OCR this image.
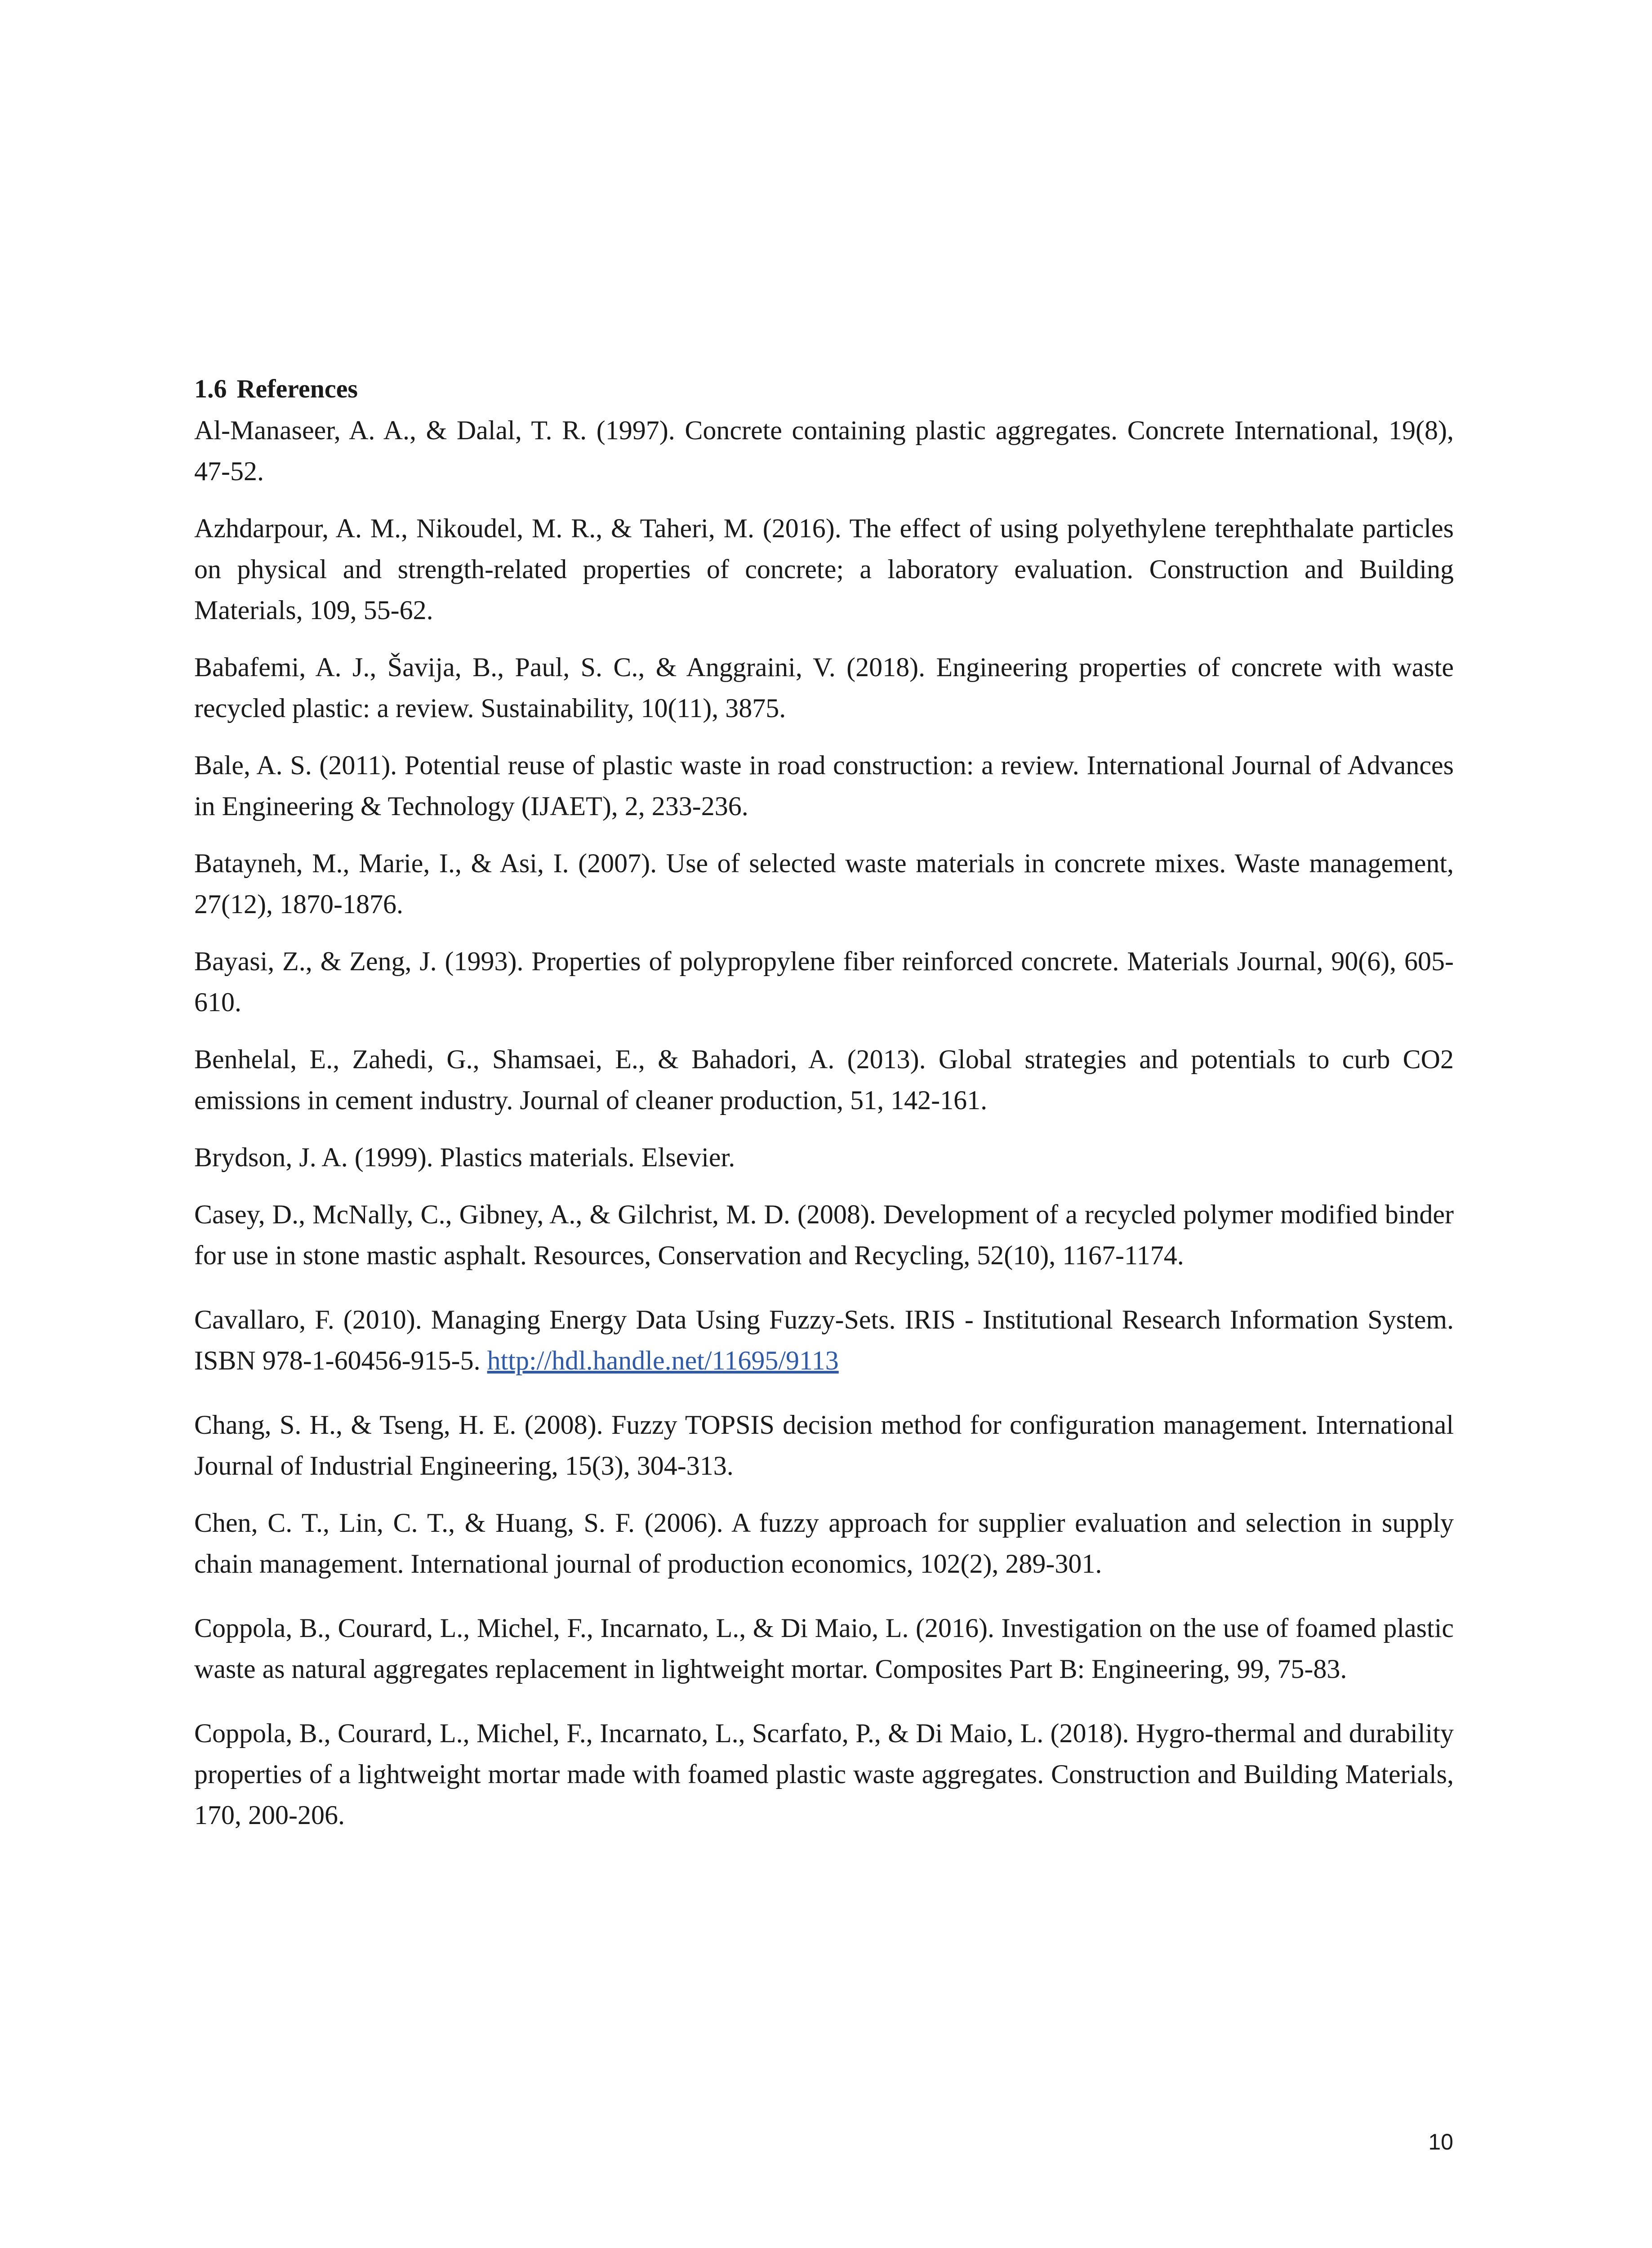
1.6 References

Al-Manaseer, A. A., & Dalal, T. R. (1997). Concrete containing plastic aggregates. Concrete International, 19(8), 47-52.

Azhdarpour, A. M., Nikoudel, M. R., & Taheri, M. (2016). The effect of using polyethylene terephthalate particles on physical and strength-related properties of concrete; a laboratory evaluation. Construction and Building Materials, 109, 55-62.

Babafemi, A. J., Šavija, B., Paul, S. C., & Anggraini, V. (2018). Engineering properties of concrete with waste recycled plastic: a review. Sustainability, 10(11), 3875.

Bale, A. S. (2011). Potential reuse of plastic waste in road construction: a review. International Journal of Advances in Engineering & Technology (IJAET), 2, 233-236.

Batayneh, M., Marie, I., & Asi, I. (2007). Use of selected waste materials in concrete mixes. Waste management, 27(12), 1870-1876.

Bayasi, Z., & Zeng, J. (1993). Properties of polypropylene fiber reinforced concrete. Materials Journal, 90(6), 605-610.

Benhelal, E., Zahedi, G., Shamsaei, E., & Bahadori, A. (2013). Global strategies and potentials to curb CO2 emissions in cement industry. Journal of cleaner production, 51, 142-161.

Brydson, J. A. (1999). Plastics materials. Elsevier.

Casey, D., McNally, C., Gibney, A., & Gilchrist, M. D. (2008). Development of a recycled polymer modified binder for use in stone mastic asphalt. Resources, Conservation and Recycling, 52(10), 1167-1174.

Cavallaro, F. (2010). Managing Energy Data Using Fuzzy-Sets. IRIS - Institutional Research Information System. ISBN 978-1-60456-915-5. http://hdl.handle.net/11695/9113

Chang, S. H., & Tseng, H. E. (2008). Fuzzy TOPSIS decision method for configuration management. International Journal of Industrial Engineering, 15(3), 304-313.

Chen, C. T., Lin, C. T., & Huang, S. F. (2006). A fuzzy approach for supplier evaluation and selection in supply chain management. International journal of production economics, 102(2), 289-301.

Coppola, B., Courard, L., Michel, F., Incarnato, L., & Di Maio, L. (2016). Investigation on the use of foamed plastic waste as natural aggregates replacement in lightweight mortar. Composites Part B: Engineering, 99, 75-83.

Coppola, B., Courard, L., Michel, F., Incarnato, L., Scarfato, P., & Di Maio, L. (2018). Hygro-thermal and durability properties of a lightweight mortar made with foamed plastic waste aggregates. Construction and Building Materials, 170, 200-206.

10
